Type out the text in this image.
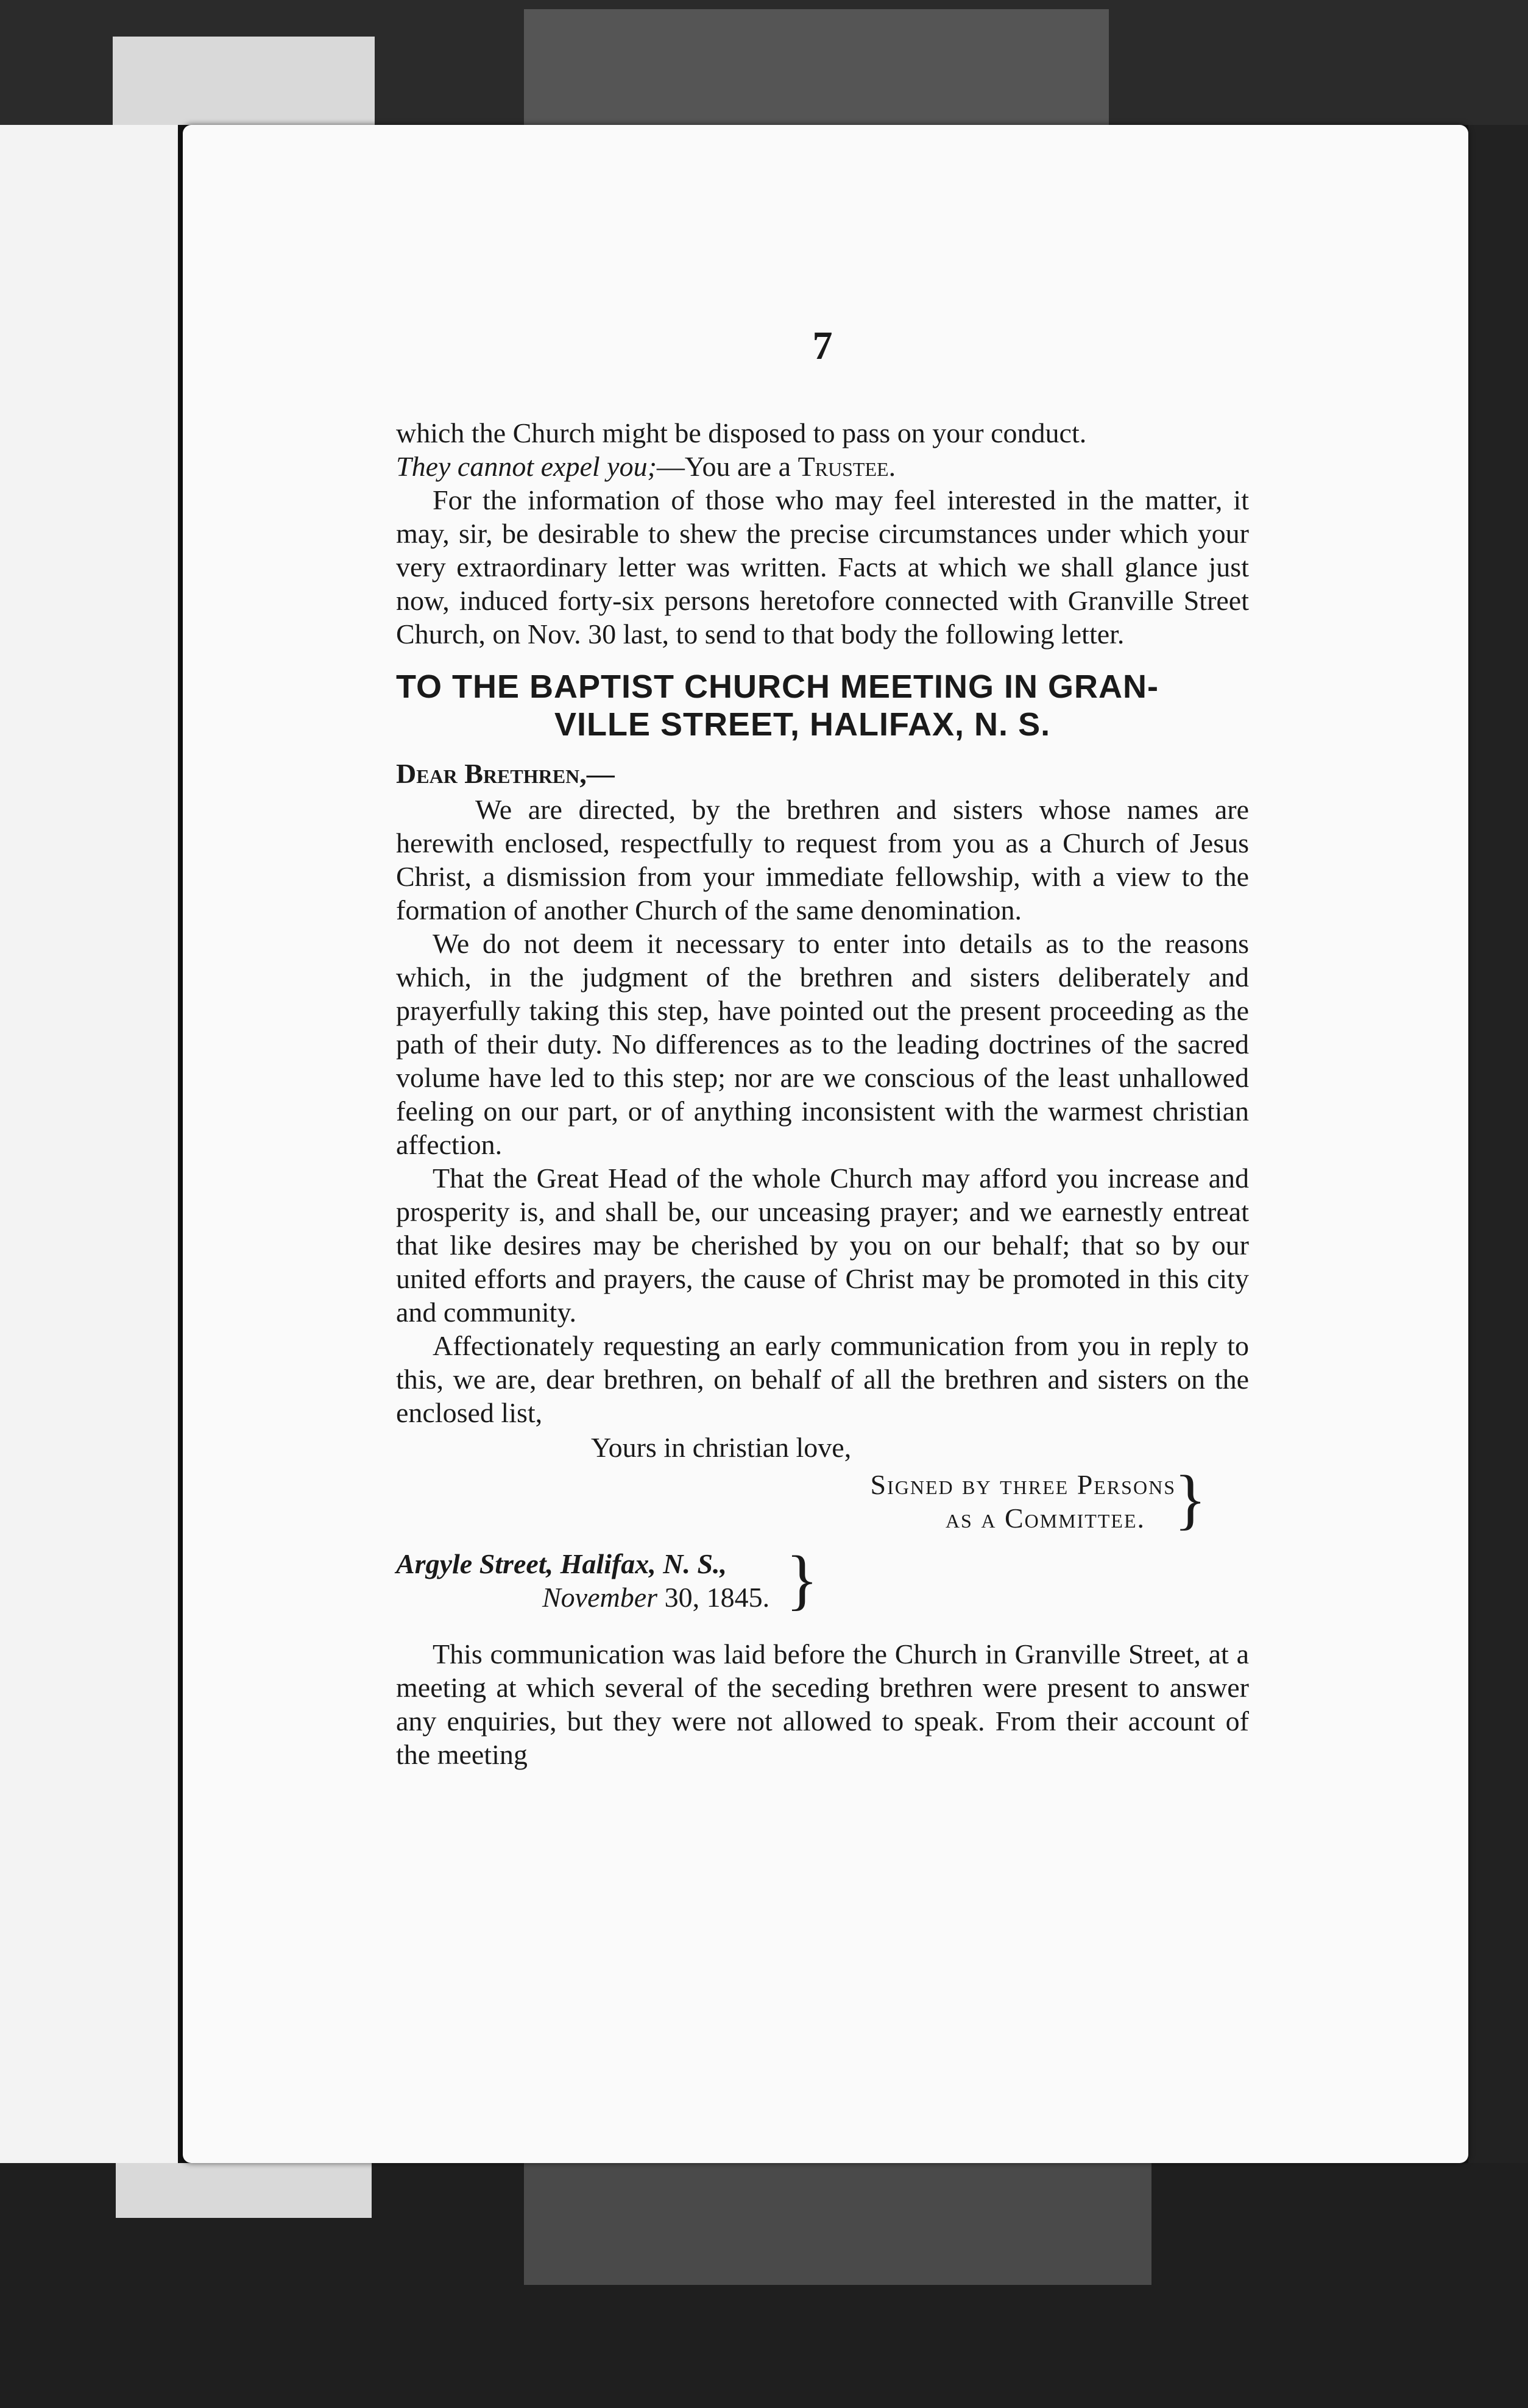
7

which the Church might be disposed to pass on your conduct.
They cannot expel you;—You are a Trustee.

For the information of those who may feel interested in the matter, it may, sir, be desirable to shew the precise circumstances under which your very extraordinary letter was written. Facts at which we shall glance just now, induced forty-six persons heretofore connected with Granville Street Church, on Nov. 30 last, to send to that body the following letter.

TO THE BAPTIST CHURCH MEETING IN GRAN-
VILLE STREET, HALIFAX, N. S.

Dear Brethren,—

We are directed, by the brethren and sisters whose names are herewith enclosed, respectfully to request from you as a Church of Jesus Christ, a dismission from your immediate fellowship, with a view to the formation of another Church of the same denomination.

We do not deem it necessary to enter into details as to the reasons which, in the judgment of the brethren and sisters deliberately and prayerfully taking this step, have pointed out the present proceeding as the path of their duty. No differences as to the leading doctrines of the sacred volume have led to this step; nor are we conscious of the least unhallowed feeling on our part, or of anything inconsistent with the warmest christian affection.

That the Great Head of the whole Church may afford you increase and prosperity is, and shall be, our unceasing prayer; and we earnestly entreat that like desires may be cherished by you on our behalf; that so by our united efforts and prayers, the cause of Christ may be promoted in this city and community.

Affectionately requesting an early communication from you in reply to this, we are, dear brethren, on behalf of all the brethren and sisters on the enclosed list,

Yours in christian love,

Signed by three Persons
as a Committee. }
Argyle Street, Halifax, N. S.,
November 30, 1845. }

This communication was laid before the Church in Granville Street, at a meeting at which several of the seceding brethren were present to answer any enquiries, but they were not allowed to speak. From their account of the meeting
